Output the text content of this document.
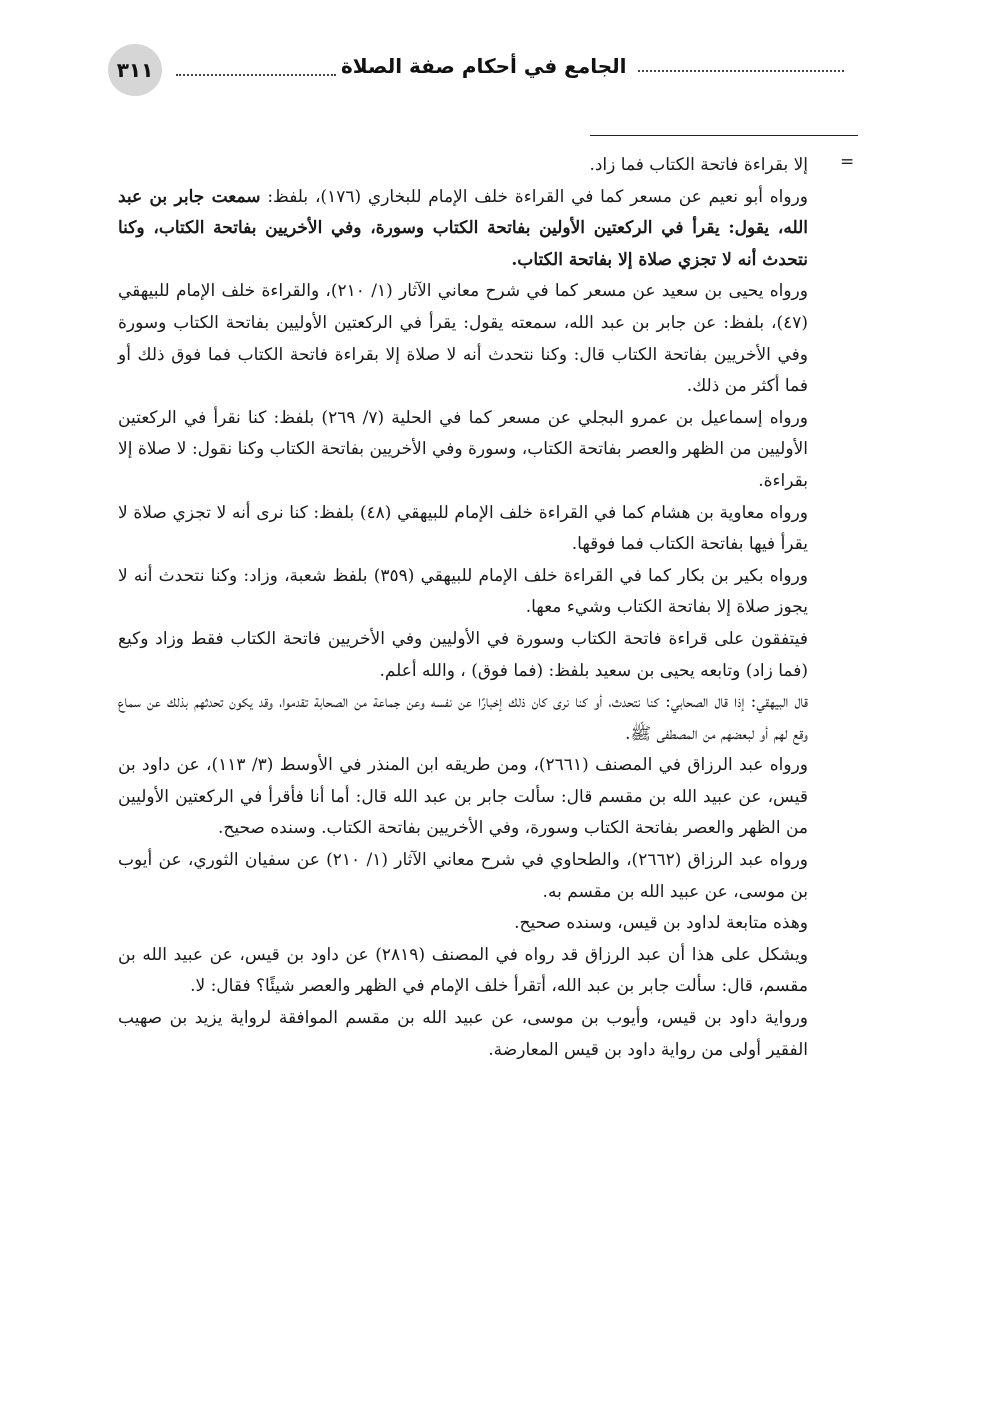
٣١١	الجامع في أحكام صفة الصلاة
=

إلا بقراءة فاتحة الكتاب فما زاد.

ورواه أبو نعيم عن مسعر كما في القراءة خلف الإمام للبخاري (١٧٦)، بلفظ: سمعت جابر بن عبد الله، يقول: يقرأ في الركعتين الأولين بفاتحة الكتاب وسورة، وفي الأخريين بفاتحة الكتاب، وكنا نتحدث أنه لا تجزي صلاة إلا بفاتحة الكتاب.

ورواه يحيى بن سعيد عن مسعر كما في شرح معاني الآثار (١/ ٢١٠)، والقراءة خلف الإمام للبيهقي (٤٧)، بلفظ: عن جابر بن عبد الله، سمعته يقول: يقرأ في الركعتين الأوليين بفاتحة الكتاب وسورة وفي الأخريين بفاتحة الكتاب قال: وكنا نتحدث أنه لا صلاة إلا بقراءة فاتحة الكتاب فما فوق ذلك أو فما أكثر من ذلك.

ورواه إسماعيل بن عمرو البجلي عن مسعر كما في الحلية (٧/ ٢٦٩) بلفظ: كنا نقرأ في الركعتين الأوليين من الظهر والعصر بفاتحة الكتاب، وسورة وفي الأخريين بفاتحة الكتاب وكنا نقول: لا صلاة إلا بقراءة.

ورواه معاوية بن هشام كما في القراءة خلف الإمام للبيهقي (٤٨) بلفظ: كنا نرى أنه لا تجزي صلاة لا يقرأ فيها بفاتحة الكتاب فما فوقها.

ورواه بكير بن بكار كما في القراءة خلف الإمام للبيهقي (٣٥٩) بلفظ شعبة، وزاد: وكنا نتحدث أنه لا يجوز صلاة إلا بفاتحة الكتاب وشيء معها.

فيتفقون على قراءة فاتحة الكتاب وسورة في الأوليين وفي الأخريين فاتحة الكتاب فقط وزاد وكيع (فما زاد) وتابعه يحيى بن سعيد بلفظ: (فما فوق) ، والله أعلم.

قال البيهقي: إذا قال الصحابي: كنا نتحدث، أو كنا نرى كان ذلك إخبارًا عن نفسه وعن جماعة من الصحابة تقدموا، وقد يكون تحدثهم بذلك عن سماع وقع لهم أو لبعضهم من المصطفى ﷺ.

ورواه عبد الرزاق في المصنف (٢٦٦١)، ومن طريقه ابن المنذر في الأوسط (٣/ ١١٣)، عن داود بن قيس، عن عبيد الله بن مقسم قال: سألت جابر بن عبد الله قال: أما أنا فأقرأ في الركعتين الأوليين من الظهر والعصر بفاتحة الكتاب وسورة، وفي الأخريين بفاتحة الكتاب. وسنده صحيح.

ورواه عبد الرزاق (٢٦٦٢)، والطحاوي في شرح معاني الآثار (١/ ٢١٠) عن سفيان الثوري، عن أيوب بن موسى، عن عبيد الله بن مقسم به.

وهذه متابعة لداود بن قيس، وسنده صحيح.

ويشكل على هذا أن عبد الرزاق قد رواه في المصنف (٢٨١٩) عن داود بن قيس، عن عبيد الله بن مقسم، قال: سألت جابر بن عبد الله، أتقرأ خلف الإمام في الظهر والعصر شيئًا؟ فقال: لا.

ورواية داود بن قيس، وأيوب بن موسى، عن عبيد الله بن مقسم الموافقة لرواية يزيد بن صهيب الفقير أولى من رواية داود بن قيس المعارضة.
